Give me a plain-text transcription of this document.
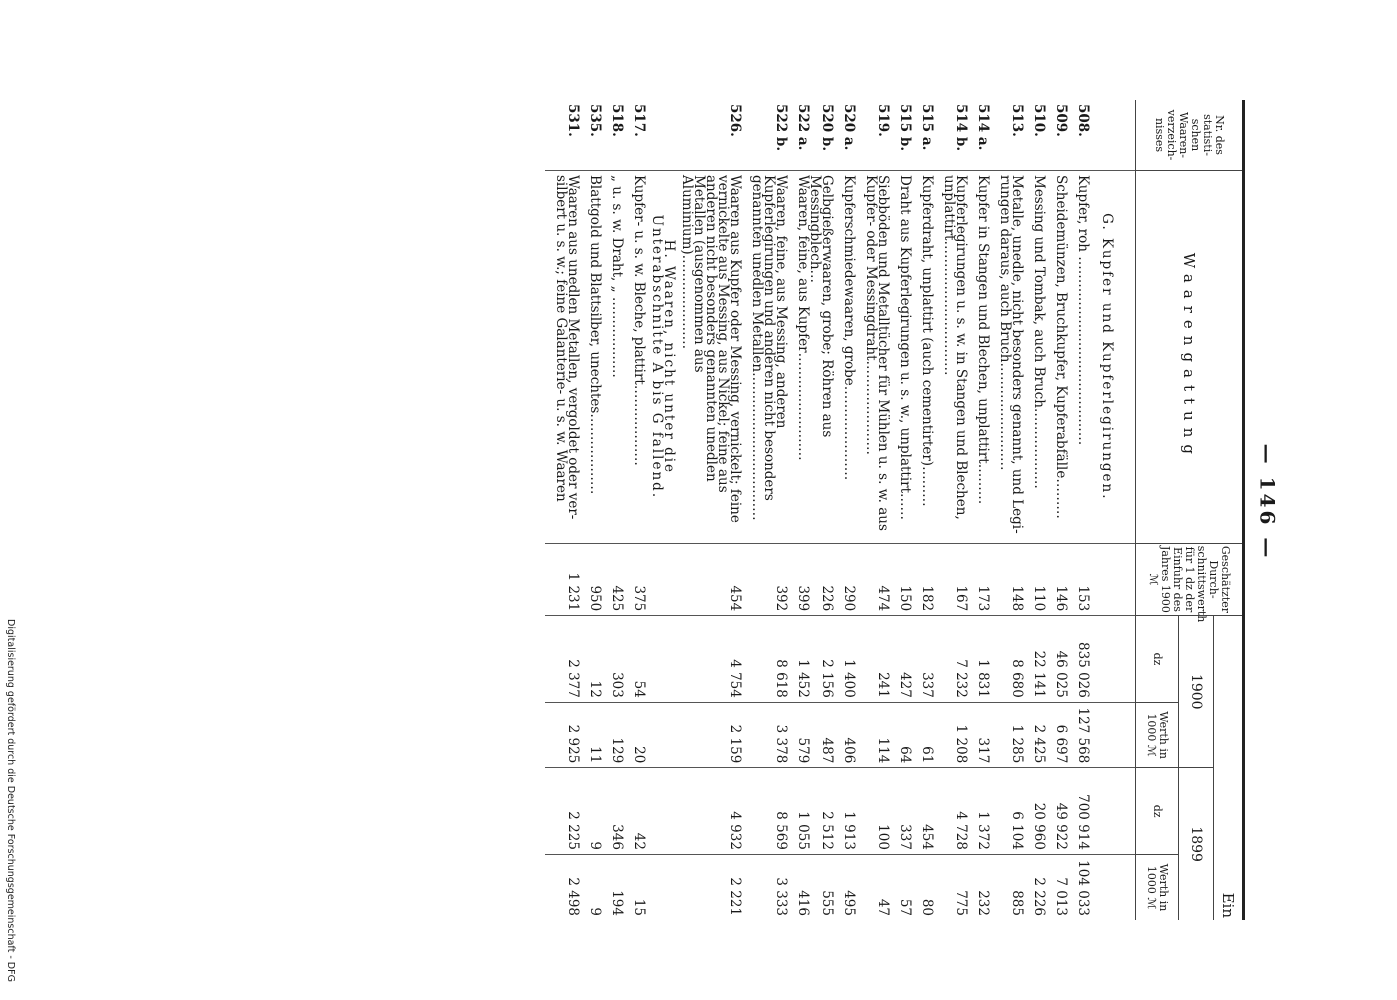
— 146 —
Nr. des statistischen Waarenverzeichnisses	Waarengattung	Geschätzter Durchschnittswerth für 1 dz der Einfuhr des Jahres 1900 ℳ	Ein			
			1900		1899	
			dz	Werth in 1000 ℳ	dz	Werth in 1000 ℳ
	G. Kupfer und Kupferlegirungen.					
508.	Kupfer, roh ……………………………………	153	835 026	127 568	700 914	104 033
509.	Scheidemünzen, Bruchkupfer, Kupferabfälle………	146	46 025	6 697	49 922	7 013
510.	Messing und Tombak, auch Bruch………………	110	22 141	2 425	20 960	2 226
513.	Metalle, unedle, nicht besonders genannt, und Legirungen daraus, auch Bruch……………………	148	8 680	1 285	6 104	885
514 a.	Kupfer in Stangen und Blechen, unplattirt………	173	1 831	317	1 372	232
514 b.	Kupferlegirungen u. s. w. in Stangen und Blechen, unplattirt…………………………	167	7 232	1 208	4 728	775
515 a.	Kupferdraht, unplattirt (auch cementirter)………	182	337	61	454	80
515 b.	Draht aus Kupferlegirungen u. s. w., unplattirt……	150	427	64	337	57
519.	Siebböden und Metalltücher für Mühlen u. s. w. aus Kupfer- oder Messingdraht…………………	474	241	114	100	47
520 a.	Kupferschmiedewaaren, grobe…………………	290	1 400	406	1 913	495
520 b.	Gelbgießerwaaren, grobe; Röhren aus Messingblech…	226	2 156	487	2 512	555
522 a.	Waaren, feine, aus Kupfer……………………	399	1 452	579	1 055	416
522 b.	Waaren, feine, aus Messing, anderen Kupferlegirungen und anderen nicht besonders genannten unedlen Metallen……………………………	392	8 618	3 378	8 569	3 333
526.	Waaren aus Kupfer oder Messing, vernickelt; feine vernickelte aus Messing, aus Nickel; feine aus anderen nicht besonders genannten unedlen Metallen (ausgenommen aus Aluminium)…………………	454	4 754	2 159	4 932	2 221
	H. Waaren, nicht unter die Unterabschnitte A bis G fallend.					
517.	Kupfer- u. s. w. Bleche, plattirt………………	375	54	20	42	15
518.	„ u. s. w. Draht, „ ………………	425	303	129	346	194
535.	Blattgold und Blattsilber, unechtes………………	950	12	11	9	9
531.	Waaren aus unedlen Metallen, vergoldet oder versilbert u. s. w.; feine Galanterie- u. s. w. Waaren	1 231	2 377	2 925	2 225	2 498
Digitalisierung gefördert durch die Deutsche Forschungsgemeinschaft - DFG
